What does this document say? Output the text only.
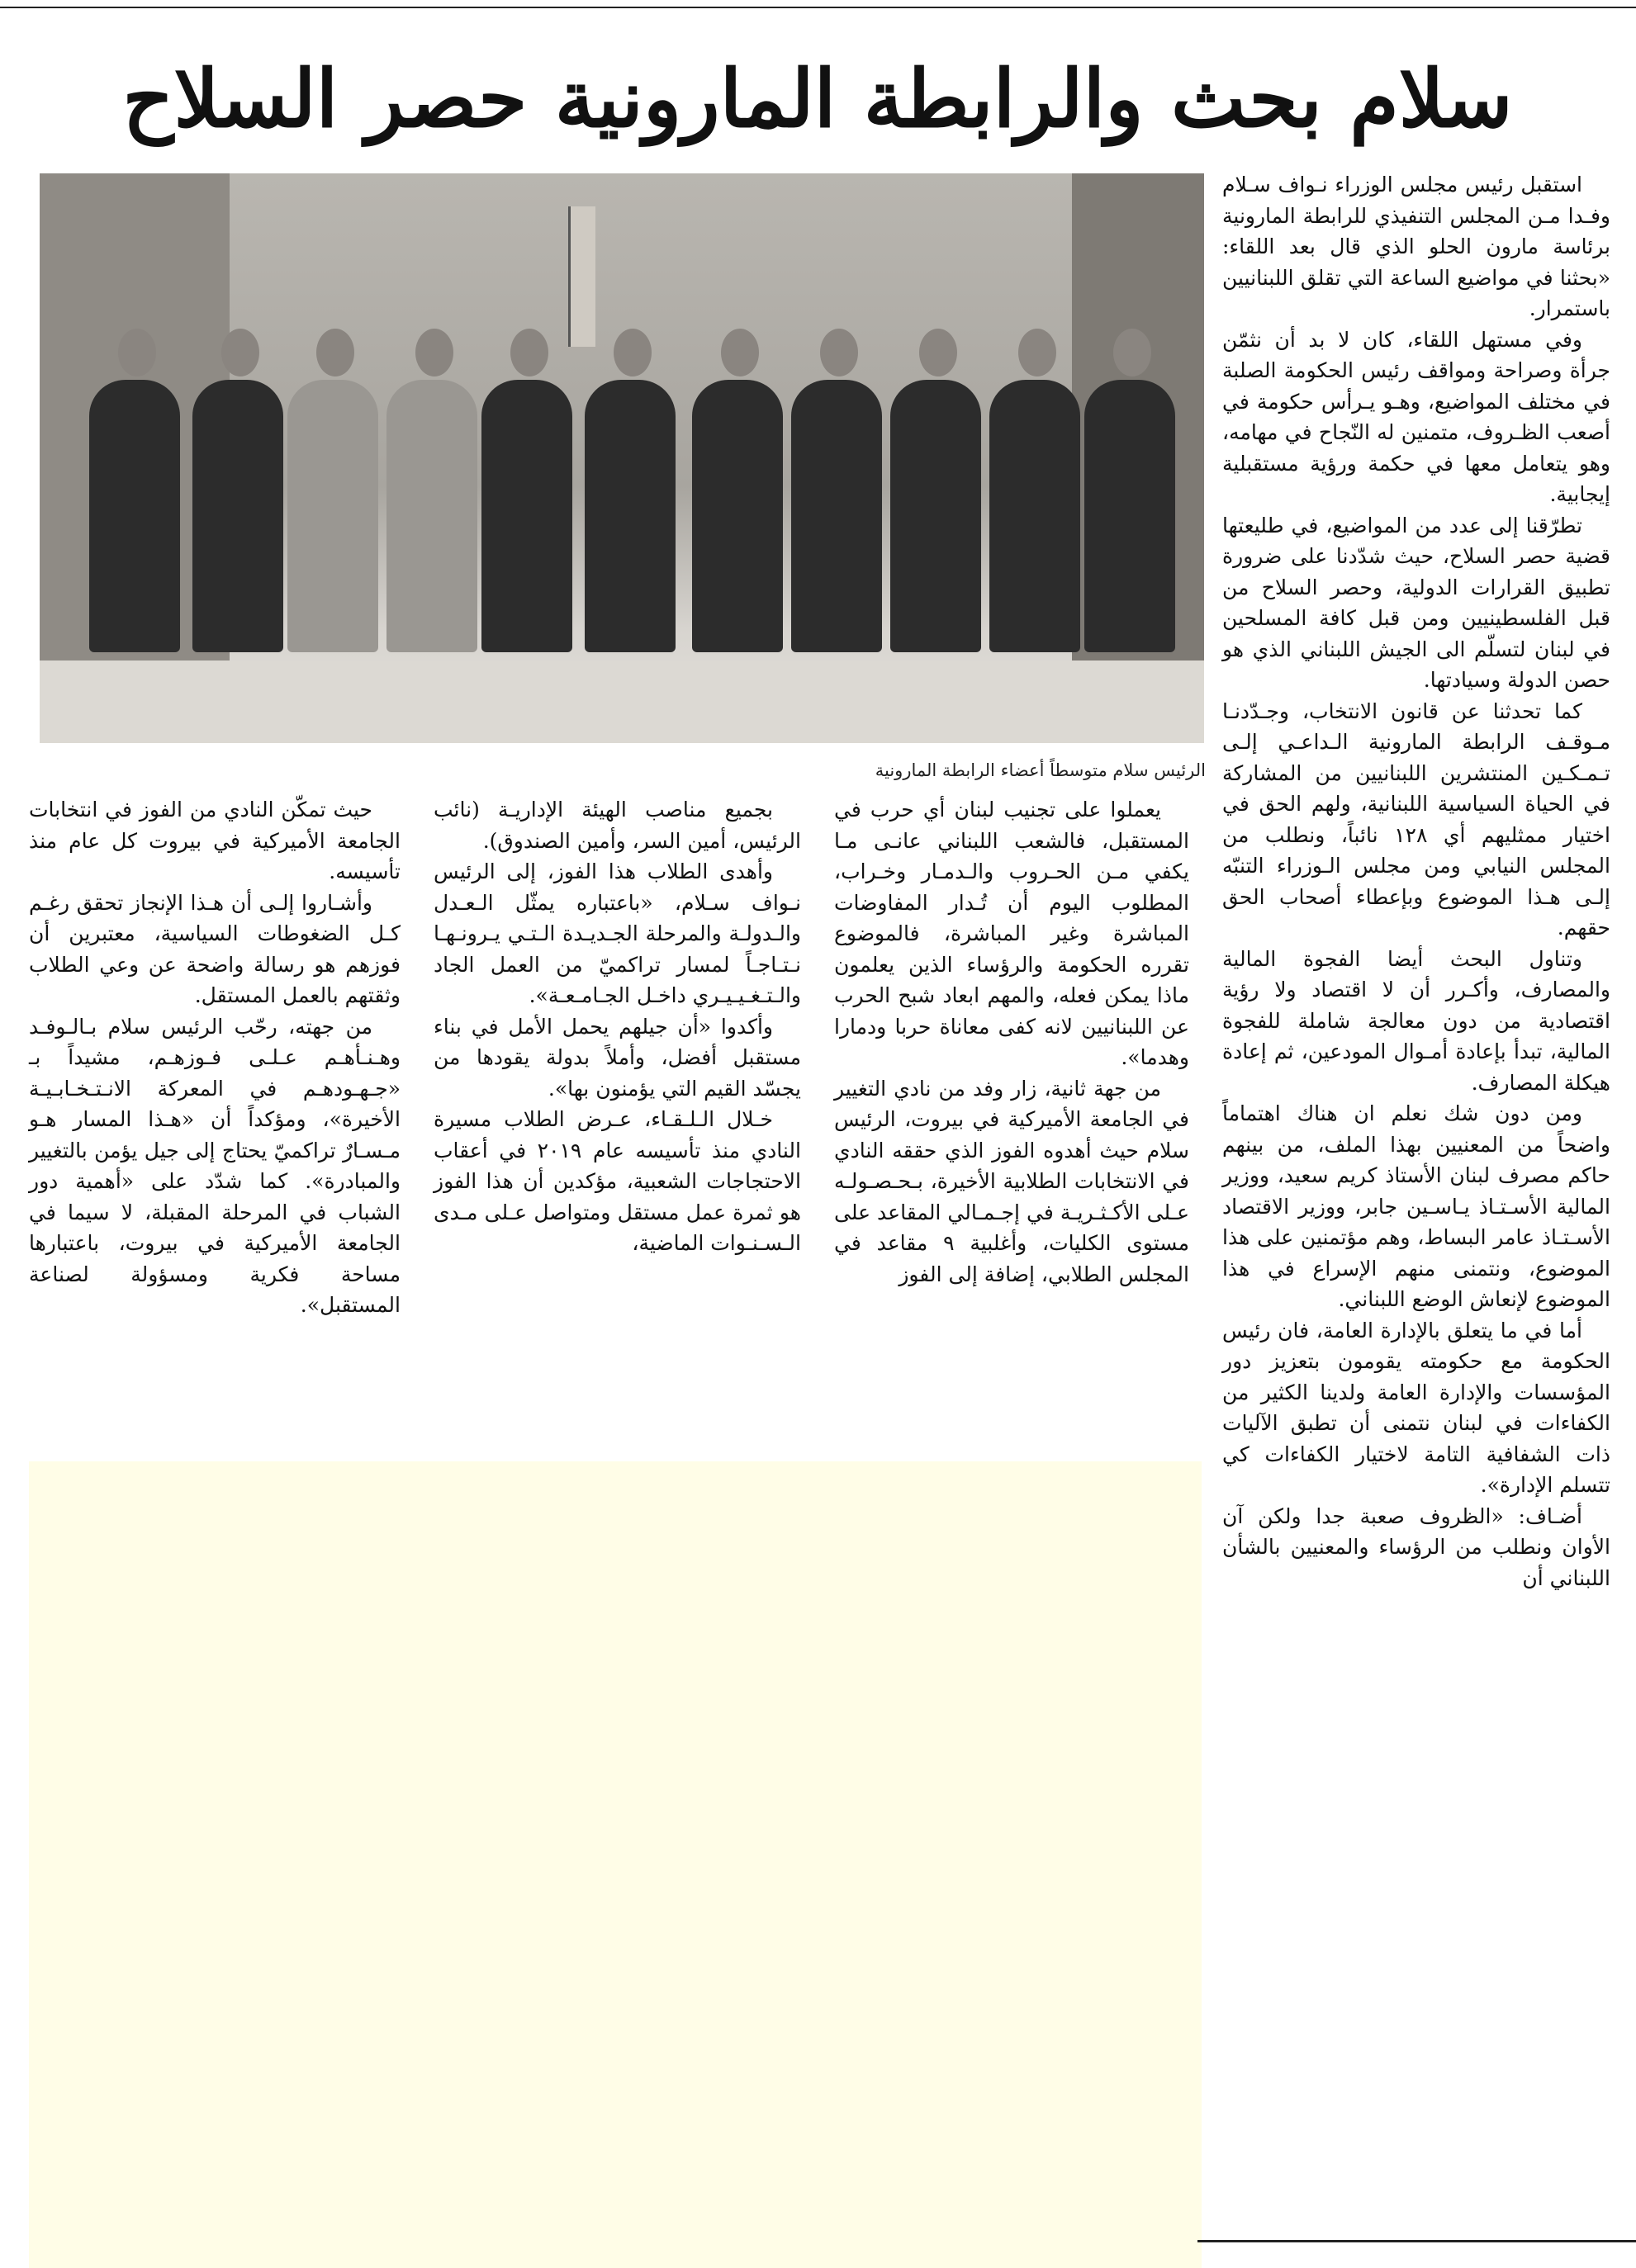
سلام بحث والرابطة المارونية حصر السلاح

الرئيس سلام متوسطاً أعضاء الرابطة المارونية

استقبل رئيس مجلس الوزراء نـواف سـلام وفـدا مـن المجلس التنفيذي للرابطة المارونية برئاسة مارون الحلو الذي قال بعد اللقاء: «بحثنا في مواضيع الساعة التي تقلق اللبنانيين باستمرار.

وفي مستهل اللقاء، كان لا بد أن نثمّن جرأة وصراحة ومواقف رئيس الحكومة الصلبة في مختلف المواضيع، وهـو يـرأس حكومة في أصعب الظـروف، متمنين له النّجاح في مهامه، وهو يتعامل معها في حكمة ورؤية مستقبلية إيجابية.

تطرّقنا إلى عدد من المواضيع، في طليعتها قضية حصر السلاح، حيث شدّدنا على ضرورة تطبيق القرارات الدولية، وحصر السلاح من قبل الفلسطينيين ومن قبل كافة المسلحين في لبنان لتسلّم الى الجيش اللبناني الذي هو حصن الدولة وسيادتها.

كما تحدثنا عن قانون الانتخاب، وجـدّدنـا مـوقـف الرابطة المارونية الـداعـي إلـى تـمـكـين المنتشرين اللبنانيين من المشاركة في الحياة السياسية اللبنانية، ولهم الحق في اختيار ممثليهم أي ١٢٨ نائباً، ونطلب من المجلس النيابي ومن مجلس الـوزراء التنبّه إلـى هـذا الموضوع وبإعطاء أصحاب الحق حقهم.

وتناول البحث أيضا الفجوة المالية والمصارف، وأكـرر أن لا اقتصاد ولا رؤية اقتصادية من دون معالجة شاملة للفجوة المالية، تبدأ بإعادة أمـوال المودعين، ثم إعادة هيكلة المصارف.

ومن دون شك نعلم ان هناك اهتماماً واضحاً من المعنيين بهذا الملف، من بينهم حاكم مصرف لبنان الأستاذ كريم سعيد، ووزير المالية الأسـتـاذ يـاسـين جابر، ووزير الاقتصاد الأسـتـاذ عامر البساط، وهم مؤتمنين على هذا الموضوع، ونتمنى منهم الإسراع في هذا الموضوع لإنعاش الوضع اللبناني.

أما في ما يتعلق بالإدارة العامة، فان رئيس الحكومة مع حكومته يقومون بتعزيز دور المؤسسات والإدارة العامة ولدينا الكثير من الكفاءات في لبنان نتمنى أن تطبق الآليات ذات الشفافية التامة لاختيار الكفاءات كي تتسلم الإدارة».

أضـاف: «الظروف صعبة جدا ولكن آن الأوان ونطلب من الرؤساء والمعنيين بالشأن اللبناني أن

يعملوا على تجنيب لبنان أي حرب في المستقبل، فالشعب اللبناني عانـى مـا يكفي مـن الحـروب والـدمـار وخـراب، المطلوب اليوم أن تُـدار المفاوضات المباشرة وغير المباشرة، فالموضوع تقرره الحكومة والرؤساء الذين يعلمون ماذا يمكن فعله، والمهم ابعاد شبح الحرب عن اللبنانيين لانه كفى معاناة حربا ودمارا وهدما».

من جهة ثانية، زار وفد من نادي التغيير في الجامعة الأميركية في بيروت، الرئيس سلام حيث أهدوه الفوز الذي حققه النادي في الانتخابات الطلابية الأخيرة، بـحـصـولـه عـلى الأكـثـريـة في إجـمـالي المقاعد على مستوى الكليات، وأغلبية ٩ مقاعد في المجلس الطلابي، إضافة إلى الفوز

بجميع مناصب الهيئة الإداريـة (نائب الرئيس، أمين السر، وأمين الصندوق).

وأهدى الطلاب هذا الفوز، إلى الرئيس نـواف سـلام، «باعتباره يمثّل الـعـدل والـدولـة والمرحلة الجـديـدة الـتـي يـرونـهـا نـتـاجـاً لمسار تراكميّ من العمل الجاد والـتـغـيـيـري داخـل الجـامـعـة».

وأكدوا «أن جيلهم يحمل الأمل في بناء مستقبل أفضل، وأملاً بدولة يقودها من يجسّد القيم التي يؤمنون بها».

خـلال الـلـقـاء، عـرض الطلاب مسيرة النادي منذ تأسيسه عام ٢٠١٩ في أعقاب الاحتجاجات الشعبية، مؤكدين أن هذا الفوز هو ثمرة عمل مستقل ومتواصل عـلى مـدى الـسـنـوات الماضية،

حيث تمكّن النادي من الفوز في انتخابات الجامعة الأميركية في بيروت كل عام منذ تأسيسه.

وأشـاروا إلـى أن هـذا الإنجاز تحقق رغـم كـل الضغوطات السياسية، معتبرين أن فوزهم هو رسالة واضحة عن وعي الطلاب وثقتهم بالعمل المستقل.

من جهته، رحّب الرئيس سلام بـالـوفـد وهـنـأهـم عـلـى فـوزهـم، مشيداً بـ «جـهـودهـم في المعركة الانـتـخـابـيـة الأخيرة»، ومؤكداً أن «هـذا المسار هـو مـسـارٌ تراكميّ يحتاج إلى جيل يؤمن بالتغيير والمبادرة». كما شدّد على «أهمية دور الشباب في المرحلة المقبلة، لا سيما في الجامعة الأميركية في بيروت، باعتبارها مساحة فكرية ومسؤولة لصناعة المستقبل».
